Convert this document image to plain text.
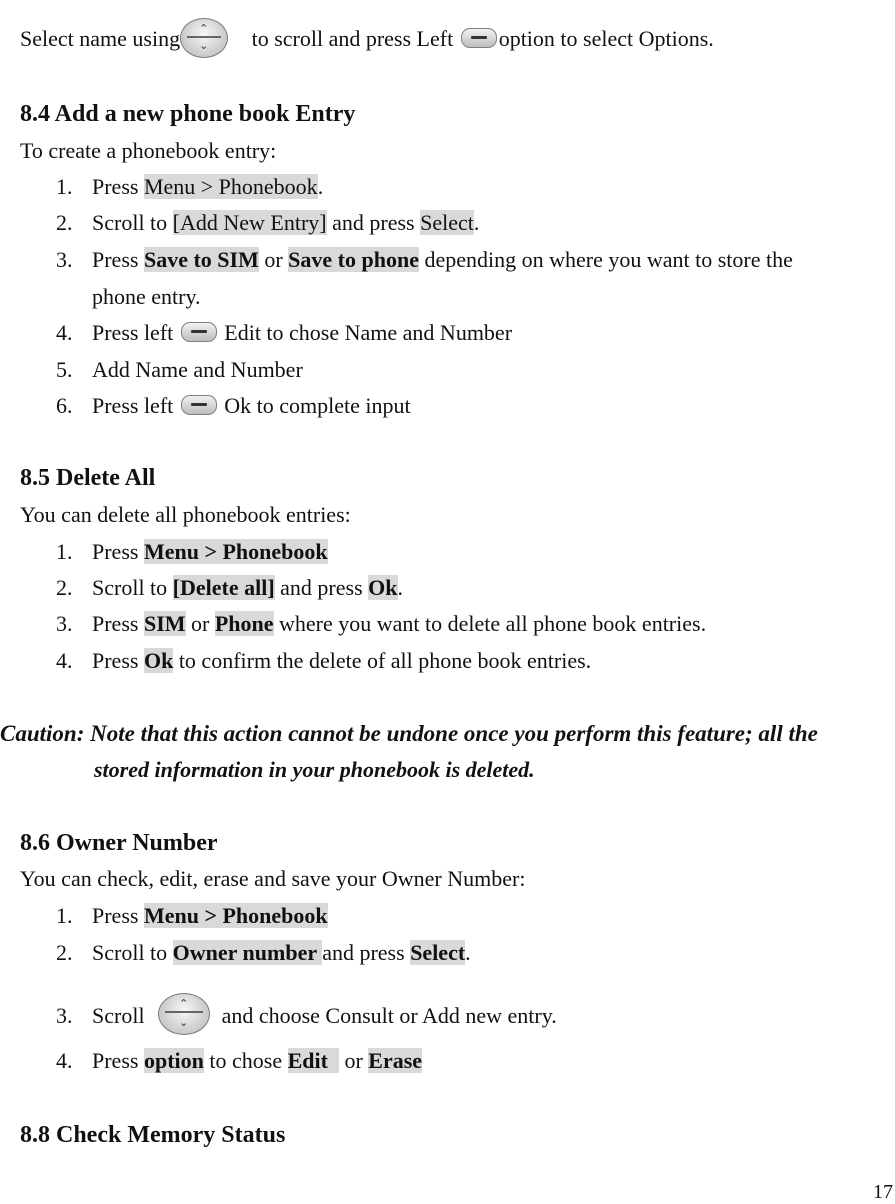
Select name using ⌃
⌄ to scroll and press Left option to select Options.
8.4 Add a new phone book Entry
To create a phonebook entry:
1. Press Menu > Phonebook.
2. Scroll to [Add New Entry] and press Select.
3. Press Save to SIM or Save to phone depending on where you want to store the
phone entry.
4. Press left  Edit to chose Name and Number
5. Add Name and Number
6. Press left  Ok to complete input
8.5 Delete All
You can delete all phonebook entries:
1. Press Menu > Phonebook
2. Scroll to [Delete all] and press Ok.
3. Press SIM or Phone where you want to delete all phone book entries.
4. Press Ok to confirm the delete of all phone book entries.
Caution: Note that this action cannot be undone once you perform this feature; all the
stored information in your phonebook is deleted.
8.6 Owner Number
You can check, edit, erase and save your Owner Number:
1. Press Menu > Phonebook
2. Scroll to Owner number and press Select.
3. Scroll	⌃
⌄ and choose Consult or Add new entry.
4. Press option to chose Edit   or Erase
8.8 Check Memory Status
17
